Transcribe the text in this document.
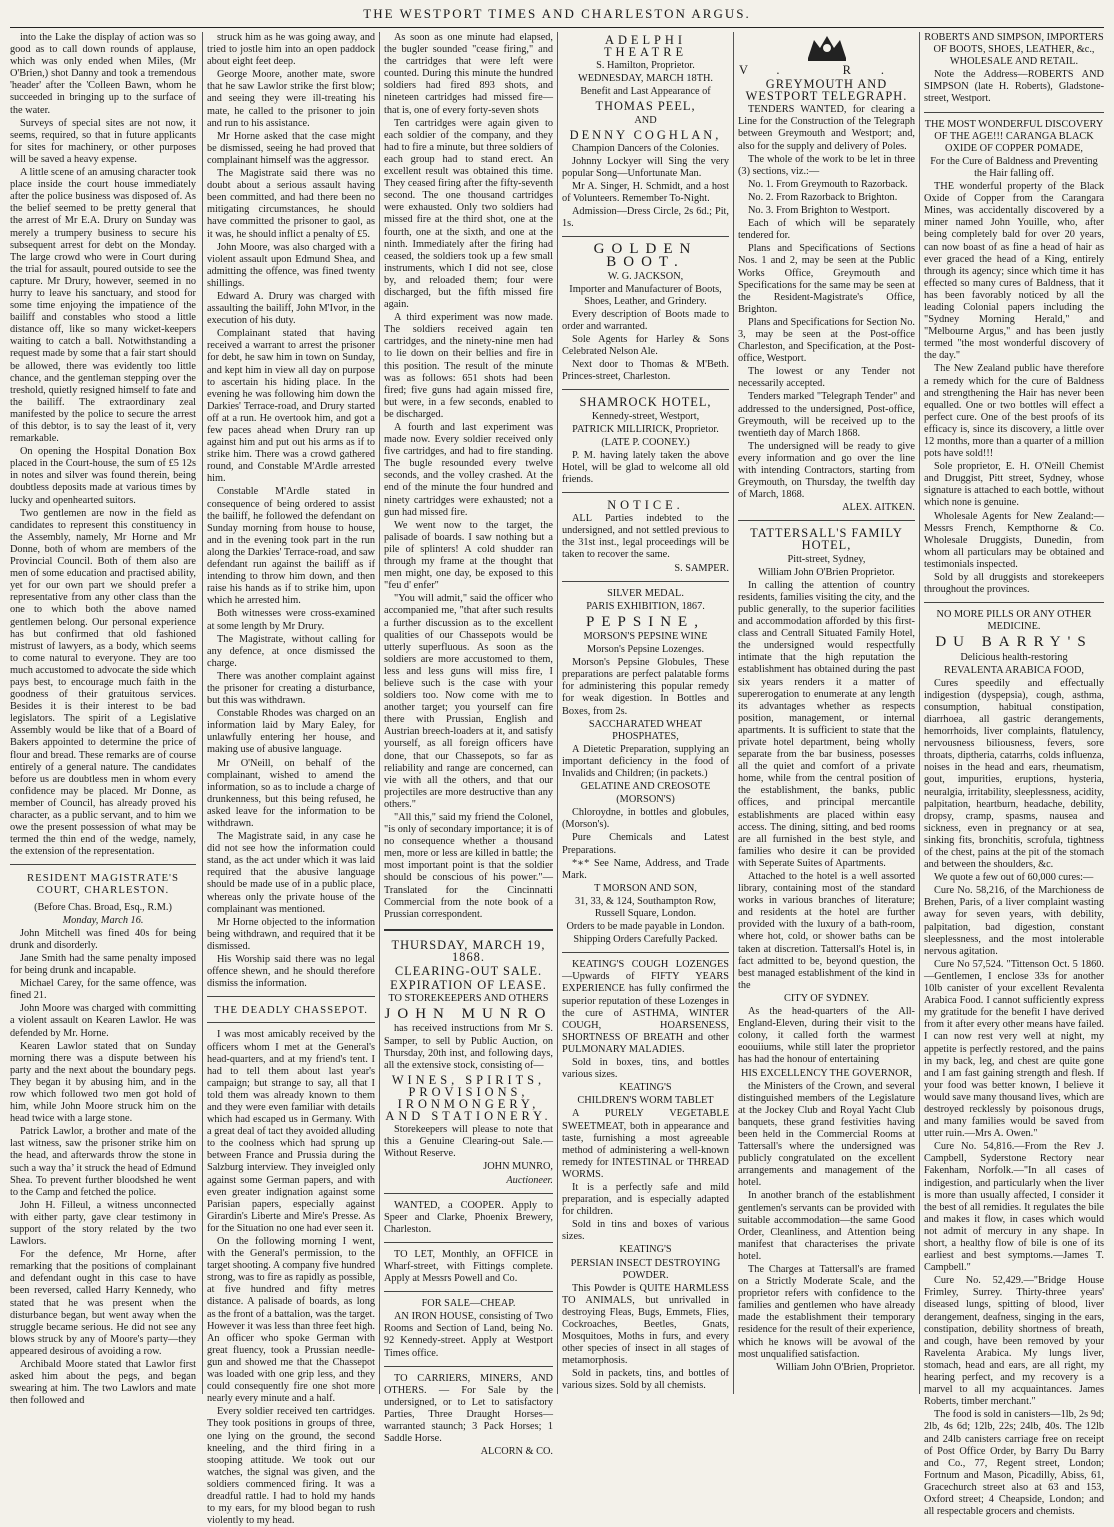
THE WESTPORT TIMES AND CHARLESTON ARGUS.

into the Lake the display of action was so good as to call down rounds of applause, which was only ended when Miles, (Mr O'Brien,) shot Danny and took a tremendous 'header' after the 'Colleen Bawn, whom he succeeded in bringing up to the surface of the water.

Surveys of special sites are not now, it seems, required, so that in future applicants for sites for machinery, or other purposes will be saved a heavy expense.

A little scene of an amusing character took place inside the court house immediately after the police business was disposed of. As the belief seemed to be pretty general that the arrest of Mr E.A. Drury on Sunday was merely a trumpery business to secure his subsequent arrest for debt on the Monday. The large crowd who were in Court during the trial for assault, poured outside to see the capture. Mr Drury, however, seemed in no hurry to leave his sanctuary, and stood for some time enjoying the impatience of the bailiff and constables who stood a little distance off, like so many wicket-keepers waiting to catch a ball. Notwithstanding a request made by some that a fair start should be allowed, there was evidently too little chance, and the gentleman stepping over the treshold, quietly resigned himself to fate and the bailiff. The extraordinary zeal manifested by the police to secure the arrest of this debtor, is to say the least of it, very remarkable.

On opening the Hospital Donation Box placed in the Court-house, the sum of £5 12s in notes and silver was found therein, being doubtless deposits made at various times by lucky and openhearted suitors.

Two gentlemen are now in the field as candidates to represent this constituency in the Assembly, namely, Mr Horne and Mr Donne, both of whom are members of the Provincial Council. Both of them also are men of some education and practised ability, yet for our own part we should prefer a representative from any other class than the one to which both the above named gentlemen belong. Our personal experience has but confirmed that old fashioned mistrust of lawyers, as a body, which seems to come natural to everyone. They are too much accustomed to advocate the side which pays best, to encourage much faith in the goodness of their gratuitous services. Besides it is their interest to be bad legislators. The spirit of a Legislative Assembly would be like that of a Board of Bakers appointed to determine the price of flour and bread. These remarks are of course entirely of a general nature. The candidates before us are doubtless men in whom every confidence may be placed. Mr Donne, as member of Council, has already proved his character, as a public servant, and to him we owe the present possession of what may be termed the thin end of the wedge, namely, the extension of the representation.

RESIDENT MAGISTRATE'S COURT, CHARLESTON.

(Before Chas. Broad, Esq., R.M.)

Monday, March 16.

John Mitchell was fined 40s for being drunk and disorderly.

Jane Smith had the same penalty imposed for being drunk and incapable.

Michael Carey, for the same offence, was fined 21.

John Moore was charged with committing a violent assault on Kearen Lawlor. He was defended by Mr. Horne.

Kearen Lawlor stated that on Sunday morning there was a dispute between his party and the next about the boundary pegs. They began it by abusing him, and in the row which followed two men got hold of him, while John Moore struck him on the head twice with a large stone.

Patrick Lawlor, a brother and mate of the last witness, saw the prisoner strike him on the head, and afterwards throw the stone in such a way tha’ it struck the head of Edmund Shea. To prevent further bloodshed he went to the Camp and fetched the police.

John H. Filleul, a witness unconnected with either party, gave clear testimony in support of the story related by the two Lawlors.

For the defence, Mr Horne, after remarking that the positions of complainant and defendant ought in this case to have been reversed, called Harry Kennedy, who stated that he was present when the disturbance began, but went away when the struggle became serious. He did not see any blows struck by any of Moore's party—they appeared desirous of avoiding a row.

Archibald Moore stated that Lawlor first asked him about the pegs, and began swearing at him. The two Lawlors and mate then followed and

struck him as he was going away, and tried to jostle him into an open paddock about eight feet deep.

George Moore, another mate, swore that he saw Lawlor strike the first blow; and seeing they were ill-treating his mate, he called to the prisoner to join and run to his assistance.

Mr Horne asked that the case might be dismissed, seeing he had proved that complainant himself was the aggressor.

The Magistrate said there was no doubt about a serious assault having been committed, and had there been no mitigating circumstances, he should have committed the prisoner to gaol, as it was, he should inflict a penalty of £5.

John Moore, was also charged with a violent assault upon Edmund Shea, and admitting the offence, was fined twenty shillings.

Edward A. Drury was charged with assaulting the bailiff, John M'Ivor, in the execution of his duty.

Complainant stated that having received a warrant to arrest the prisoner for debt, he saw him in town on Sunday, and kept him in view all day on purpose to ascertain his hiding place. In the evening he was following him down the Darkies' Terrace-road, and Drury started off at a run. He overtook him, and got a few paces ahead when Drury ran up against him and put out his arms as if to strike him. There was a crowd gathered round, and Constable M'Ardle arrested him.

Constable M'Ardle stated in consequence of being ordered to assist the bailiff, he followed the defendant on Sunday morning from house to house, and in the evening took part in the run along the Darkies' Terrace-road, and saw defendant run against the bailiff as if intending to throw him down, and then raise his hands as if to strike him, upon which he arrested him.

Both witnesses were cross-examined at some length by Mr Drury.

The Magistrate, without calling for any defence, at once dismissed the charge.

There was another complaint against the prisoner for creating a disturbance, but this was withdrawn.

Constable Rhodes was charged on an information laid by Mary Ealey, for unlawfully entering her house, and making use of abusive language.

Mr O'Neill, on behalf of the complainant, wished to amend the information, so as to include a charge of drunkenness, but this being refused, he asked leave for the information to be withdrawn.

The Magistrate said, in any case he did not see how the information could stand, as the act under which it was laid required that the abusive language should be made use of in a public place, whereas only the private house of the complainant was mentioned.

Mr Horne objected to the information being withdrawn, and required that it be dismissed.

His Worship said there was no legal offence shewn, and he should therefore dismiss the information.

THE DEADLY CHASSEPOT.

I was most amicably received by the officers whom I met at the General's head-quarters, and at my friend's tent. I had to tell them about last year's campaign; but strange to say, all that I told them was already known to them and they were even familiar with details which had escaped us in Germany. With a great deal of tact they avoided alluding to the coolness which had sprung up between France and Prussia during the Salzburg interview. They inveigled only against some German papers, and with even greater indignation against some Parisian papers, especially against Girardin's Liberte and Mire's Presse. As for the Situation no one had ever seen it.

On the following morning I went, with the General's permission, to the target shooting. A company five hundred strong, was to fire as rapidly as possible, at five hundred and fifty metres distance. A palisade of boards, as long as the front of a battalion, was the target. However it was less than three feet high. An officer who spoke German with great fluency, took a Prussian needle-gun and showed me that the Chassepot was loaded with one grip less, and they could consequently fire one shot more nearly every minute and a half.

Every soldier received ten cartridges. They took positions in groups of three, one lying on the ground, the second kneeling, and the third firing in a stooping attitude. We took out our watches, the signal was given, and the soldiers commenced firing. It was a dreadful rattle. I had to hold my hands to my ears, for my blood began to rush violently to my head.

As soon as one minute had elapsed, the bugler sounded "cease firing," and the cartridges that were left were counted. During this minute the hundred soldiers had fired 893 shots, and nineteen cartridges had missed fire—that is, one of every forty-seven shots

Ten cartridges were again given to each soldier of the company, and they had to fire a minute, but three soldiers of each group had to stand erect. An excellent result was obtained this time. They ceased firing after the fifty-seventh second. The one thousand cartridges were exhausted. Only two soldiers had missed fire at the third shot, one at the fourth, one at the sixth, and one at the ninth. Immediately after the firing had ceased, the soldiers took up a few small instruments, which I did not see, close by, and reloaded them; four were discharged, but the fifth missed fire again.

A third experiment was now made. The soldiers received again ten cartridges, and the ninety-nine men had to lie down on their bellies and fire in this position. The result of the minute was as follows: 651 shots had been fired; five guns had again missed fire, but were, in a few seconds, enabled to be discharged.

A fourth and last experiment was made now. Every soldier received only five cartridges, and had to fire standing. The bugle resounded every twelve seconds, and the volley crashed. At the end of the minute the four hundred and ninety cartridges were exhausted; not a gun had missed fire.

We went now to the target, the palisade of boards. I saw nothing but a pile of splinters! A cold shudder ran through my frame at the thought that men might, one day, be exposed to this "feu d' enfer"

"You will admit," said the officer who accompanied me, "that after such results a further discussion as to the excellent qualities of our Chassepots would be utterly superfluous. As soon as the soldiers are more accustomed to them, less and less guns will miss fire, I believe such is the case with your soldiers too. Now come with me to another target; you yourself can fire there with Prussian, English and Austrian breech-loaders at it, and satisfy yourself, as all foreign officers have done, that our Chassepots, so far as reliability and range are concerned, can vie with all the others, and that our projectiles are more destructive than any others."

"All this," said my friend the Colonel, "is only of secondary importance; it is of no consequence whether a thousand men, more or less are killed in battle; the most important point is that the soldier should be conscious of his power."—Translated for the Cincinnatti Commercial from the note book of a Prussian correspondent.

THURSDAY, MARCH 19, 1868.

CLEARING-OUT SALE.

EXPIRATION OF LEASE.

TO STOREKEEPERS AND OTHERS

JOHN MUNRO

has received instructions from Mr S. Samper, to sell by Public Auction, on Thursday, 20th inst, and following days, all the extensive stock, consisting of—

WINES, SPIRITS, PROVISIONS, IRONMONGERY, AND STATIONERY.

Storekeepers will please to note that this a Genuine Clearing-out Sale.—Without Reserve.

JOHN MUNRO,

Auctioneer.

WANTED, a COOPER. Apply to Speer and Clarke, Phoenix Brewery, Charleston.

TO LET, Monthly, an OFFICE in Wharf-street, with Fittings complete. Apply at Messrs Powell and Co.

FOR SALE—CHEAP.

AN IRON HOUSE, consisting of Two Rooms and Section of Land, being No. 92 Kennedy-street. Apply at Westport Times office.

TO CARRIERS, MINERS, AND OTHERS. — For Sale by the undersigned, or to Let to satisfactory Parties, Three Draught Horses—warranted staunch; 3 Pack Horses; 1 Saddle Horse.

ALCORN & CO.

ADELPHI THEATRE

S. Hamilton, Proprietor.

WEDNESDAY, MARCH 18TH.

Benefit and Last Appearance of

THOMAS PEEL,

AND

DENNY COGHLAN,

Champion Dancers of the Colonies.

Johnny Lockyer will Sing the very popular Song—Unfortunate Man.

Mr A. Singer, H. Schmidt, and a host of Volunteers. Remember To-Night.

Admission—Dress Circle, 2s 6d.; Pit, 1s.

GOLDEN BOOT.

W. G. JACKSON,

Importer and Manufacturer of Boots, Shoes, Leather, and Grindery.

Every description of Boots made to order and warranted.

Sole Agents for Harley & Sons Celebrated Nelson Ale.

Next door to Thomas & M'Beth. Princes-street, Charleston.

SHAMROCK HOTEL,

Kennedy-street, Westport,

PATRICK MILLIRICK, Proprietor.

(LATE P. COONEY.)

P. M. having lately taken the above Hotel, will be glad to welcome all old friends.

NOTICE.

ALL Parties indebted to the undersigned, and not settled previous to the 31st inst., legal proceedings will be taken to recover the same.

S. SAMPER.

SILVER MEDAL.

PARIS EXHIBITION, 1867.

PEPSINE,

MORSON'S PEPSINE WINE

Morson's Pepsine Lozenges.

Morson's Pepsine Globules, These preparations are perfect palatable forms for administering this popular remedy for weak digestion. In Bottles and Boxes, from 2s.

SACCHARATED WHEAT PHOSPHATES,

A Dietetic Preparation, supplying an important deficiency in the food of Invalids and Children; (in packets.)

GELATINE AND CREOSOTE

(MORSON'S)

Chloroydne, in bottles and globules, (Morson's).

Pure Chemicals and Latest Preparations.

*∗* See Name, Address, and Trade Mark.

T MORSON AND SON,

31, 33, & 124, Southampton Row, Russell Square, London.

Orders to be made payable in London.

Shipping Orders Carefully Packed.

KEATING'S COUGH LOZENGES —Upwards of FIFTY YEARS EXPERIENCE has fully confirmed the superior reputation of these Lozenges in the cure of ASTHMA, WINTER COUGH, HOARSENESS, SHORTNESS OF BREATH and other PULMONARY MALADIES.

Sold in boxes, tins, and bottles various sizes.

KEATING'S

CHILDREN'S WORM TABLET

A PURELY VEGETABLE SWEETMEAT, both in appearance and taste, furnishing a most agreeable method of administering a well-known remedy for INTESTINAL or THREAD WORMS.

It is a perfectly safe and mild preparation, and is especially adapted for children.

Sold in tins and boxes of various sizes.

KEATING'S

PERSIAN INSECT DESTROYING POWDER.

This Powder is QUITE HARMLESS TO ANIMALS, but unrivalled in destroying Fleas, Bugs, Emmets, Flies, Cockroaches, Beetles, Gnats, Mosquitoes, Moths in furs, and every other species of insect in all stages of metamorphosis.

Sold in packets, tins, and bottles of various sizes. Sold by all chemists.

V. R.

GREYMOUTH AND WESTPORT TELEGRAPH.

TENDERS WANTED, for clearing a Line for the Construction of the Telegraph between Greymouth and Westport; and, also for the supply and delivery of Poles.

The whole of the work to be let in three (3) sections, viz.:—

No. 1. From Greymouth to Razorback.

No. 2. From Razorback to Brighton.

No. 3. From Brighton to Westport.

Each of which will be separately tendered for.

Plans and Specifications of Sections Nos. 1 and 2, may be seen at the Public Works Office, Greymouth and Specifications for the same may be seen at the Resident-Magistrate's Office, Brighton.

Plans and Specifications for Section No. 3, may be seen at the Post-office Charleston, and Specification, at the Post-office, Westport.

The lowest or any Tender not necessarily accepted.

Tenders marked "Telegraph Tender" and addressed to the undersigned, Post-office, Greymouth, will be received up to the twentieth day of March 1868.

The undersigned will be ready to give every information and go over the line with intending Contractors, starting from Greymouth, on Thursday, the twelfth day of March, 1868.

ALEX. AITKEN.

TATTERSALL'S FAMILY HOTEL,

Pitt-street, Sydney,

William John O'Brien Proprietor.

In calling the attention of country residents, families visiting the city, and the public generally, to the superior facilities and accommodation afforded by this first-class and Centrall Situated Family Hotel, the undersigned would respectfully intimate that the high reputation the establishment has obtained during the past six years renders it a matter of supererogation to enumerate at any length its advantages whether as respects position, management, or internal apartments. It is sufficient to state that the private hotel department, being wholly separate from the bar business, posesses all the quiet and comfort of a private home, while from the central position of the establishment, the banks, public offices, and principal mercantile establishments are placed within easy access. The dining, sitting, and bed rooms are all furnished in the best style, and families who desire it can be provided with Seperate Suites of Apartments.

Attached to the hotel is a well assorted library, containing most of the standard works in various branches of literature; and residents at the hotel are further provided with the luxury of a bath-room, where hot, cold, or shower baths can be taken at discretion. Tattersall's Hotel is, in fact admitted to be, beyond question, the best managed establishment of the kind in the

CITY OF SYDNEY.

As the head-quarters of the All-England-Eleven, during their visit to the colony, it called forth the warmest eoouiiums, while still later the proprietor has had the honour of entertaining

HIS EXCELLENCY THE GOVERNOR,

the Ministers of the Crown, and several distinguished members of the Legislature at the Jockey Club and Royal Yacht Club banquets, these grand festivities having been held in the Commercial Rooms at Tattersall's where the undersigned was publicly congratulated on the excellent arrangements and management of the hotel.

In another branch of the establishment gentlemen's servants can be provided with suitable accommodation—the same Good Order, Cleanliness, and Attention being manifest that characterises the private hotel.

The Charges at Tattersall's are framed on a Strictly Moderate Scale, and the proprietor refers with confidence to the families and gentlemen who have already made the establishment their temporary residence for the result of their experience, which he knows will be avowal of the most unqualified satisfaction.

William John O'Brien, Proprietor.

ROBERTS AND SIMPSON, IMPORTERS OF BOOTS, SHOES, LEATHER, &c., WHOLESALE AND RETAIL.

Note the Address—ROBERTS AND SIMPSON (late H. Roberts), Gladstone-street, Westport.

THE MOST WONDERFUL DISCOVERY OF THE AGE!!! CARANGA BLACK OXIDE OF COPPER POMADE,

For the Cure of Baldness and Preventing the Hair falling off.

THE wonderful property of the Black Oxide of Copper from the Carangara Mines, was accidentally discovered by a miner named John Youille, who, after being completely bald for over 20 years, can now boast of as fine a head of hair as ever graced the head of a King, entirely through its agency; since which time it has effected so many cures of Baldness, that it has been favorably noticed by all the leading Colonial papers including the "Sydney Morning Herald," and "Melbourne Argus," and has been justly termed "the most wonderful discovery of the day."

The New Zealand public have therefore a remedy which for the cure of Baldness and strengthening the Hair has never been equalled. One or two bottles will effect a perfect cure. One of the best proofs of its efficacy is, since its discovery, a little over 12 months, more than a quarter of a million pots have sold!!!

Sole proprietor, E. H. O'Neill Chemist and Druggist, Pitt street, Sydney, whose signature is attached to each bottle, without which none is genuine.

Wholesale Agents for New Zealand:—Messrs French, Kempthorne & Co. Wholesale Druggists, Dunedin, from whom all particulars may be obtained and testimonials inspected.

Sold by all druggists and storekeepers throughout the provinces.

NO MORE PILLS OR ANY OTHER MEDICINE.

DU BARRY'S

Delicious health-restoring

REVALENTA ARABICA FOOD,

Cures speedily and effectually indigestion (dyspepsia), cough, asthma, consumption, habitual constipation, diarrhoea, all gastric derangements, hemorrhoids, liver complaints, flatulency, nervousness biliousness, fevers, sore throats, diptheria, catarrhs, colds influenza, noises in the head and ears, rheumatism, gout, impurities, eruptions, hysteria, neuralgia, irritability, sleeplessness, acidity, palpitation, heartburn, headache, debility, dropsy, cramp, spasms, nausea and sickness, even in pregnancy or at sea, sinking fits, bronchitis, scrofula, tightness of the chest, pains at the pit of the stomach and between the shoulders, &c.

We quote a few out of 60,000 cures:—

Cure No. 58,216, of the Marchioness de Brehen, Paris, of a liver complaint wasting away for seven years, with debility, palpitation, bad digestion, constant sleeplessness, and the most intolerable nervous agitation.

Cure No 57,524. "Tittenson Oct. 5 1860.—Gentlemen, I enclose 33s for another 10lb canister of your excellent Revalenta Arabica Food. I cannot sufficiently express my gratitude for the benefit I have derived from it after every other means have failed. I can now rest very well at night, my appetite is perfectly restored, and the pains in my back, leg, and chest are quite gone and I am fast gaining strength and flesh. If your food was better known, I believe it would save many thousand lives, which are destroyed recklessly by poisonous drugs, and many families would be saved from utter ruin.—Mrs A. Owen."

Cure No. 54,816.—From the Rev J. Campbell, Syderstone Rectory near Fakenham, Norfolk.—"In all cases of indigestion, and particularly when the liver is more than usually affected, I consider it the best of all remidies. It regulates the bile and makes it flow, in cases which would not admit of mercury in any shape. In short, a healthy flow of bile is one of its earliest and best symptoms.—James T. Campbell."

Cure No. 52,429.—"Bridge House Frimley, Surrey. Thirty-three years' diseased lungs, spitting of blood, liver derangement, deafness, singing in the ears, constipation, debility shortness of breath, and cough, have been removed by your Ravelenta Arabica. My lungs liver, stomach, head and ears, are all right, my hearing perfect, and my recovery is a marvel to all my acquaintances. James Roberts, timber merchant."

The food is sold in canisters—1lb, 2s 9d; 2lb, 4s 6d; 12lb, 22s; 24lb, 40s. The 12lb and 24lb canisters carriage free on receipt of Post Office Order, by Barry Du Barry and Co., 77, Regent street, London; Fortnum and Mason, Picadilly, Abiss, 61, Gracechurch street also at 63 and 153, Oxford street; 4 Cheapside, London; and all respectable grocers and chemists.
